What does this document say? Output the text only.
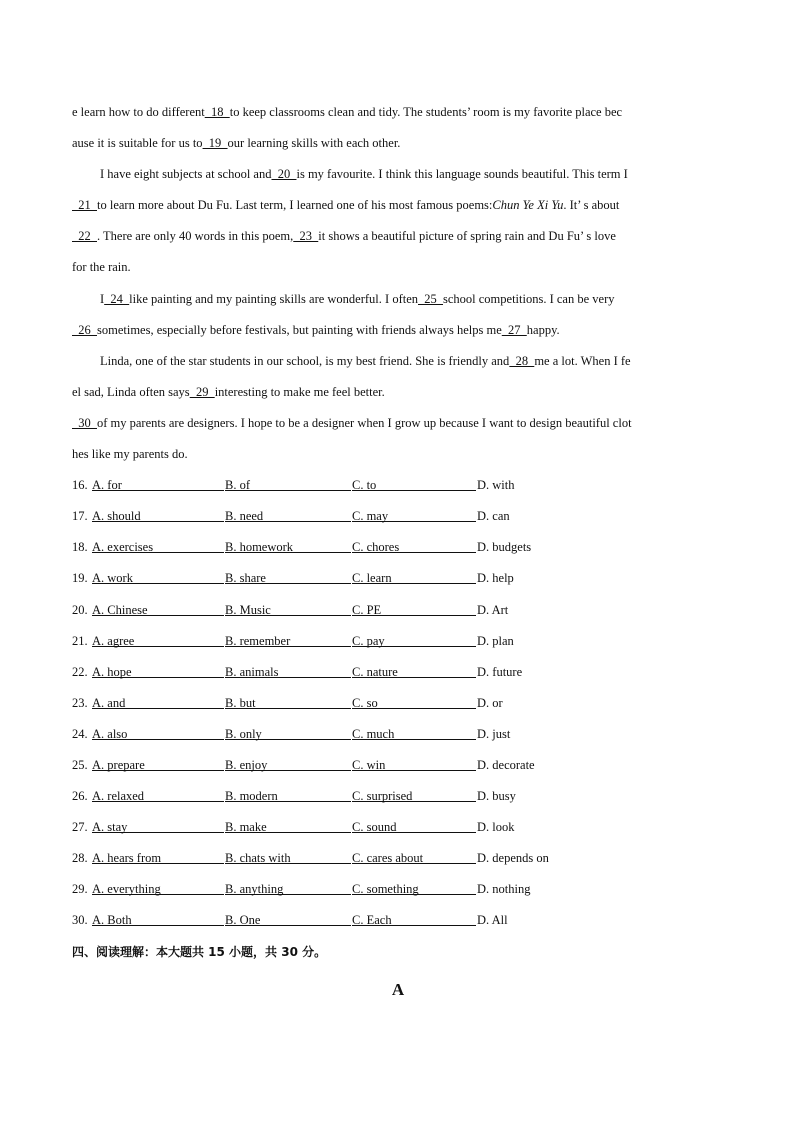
e learn how to do different 18 to keep classrooms clean and tidy. The students’ room is my favorite place bec
ause it is suitable for us to 19 our learning skills with each other.
I have eight subjects at school and 20 is my favourite. I think this language sounds beautiful. This term I
21 to learn more about Du Fu. Last term, I learned one of his most famous poems: Chun Ye Xi Yu . It’ s about
22 . There are only 40 words in this poem, 23 it shows a beautiful picture of spring rain and Du Fu’ s love
for the rain.
I 24 like painting and my painting skills are wonderful. I often 25 school competitions. I can be very
26 sometimes, especially before festivals, but painting with friends always helps me 27 happy.
Linda, one of the star students in our school, is my best friend. She is friendly and 28 me a lot. When I fe
el sad, Linda often says 29 interesting to make me feel better.
30 of my parents are designers. I hope to be a designer when I grow up because I want to design beautiful clot
hes like my parents do.
16. A. for	B. of	C. to	D. with
17. A. should	B. need	C. may	D. can
18. A. exercises	B. homework	C. chores	D. budgets
19. A. work	B. share	C. learn	D. help
20. A. Chinese	B. Music	C. PE	D. Art
21. A. agree	B. remember	C. pay	D. plan
22. A. hope	B. animals	C. nature	D. future
23. A. and	B. but	C. so	D. or
24. A. also	B. only	C. much	D. just
25. A. prepare	B. enjoy	C. win	D. decorate
26. A. relaxed	B. modern	C. surprised	D. busy
27. A. stay	B. make	C. sound	D. look
28. A. hears from	B. chats with	C. cares about	D. depends on
29. A. everything	B. anything	C. something	D. nothing
30. A. Both	B. One	C. Each	D. All
四、阅读理解：本大题共 15 小题，共 30 分。
A
